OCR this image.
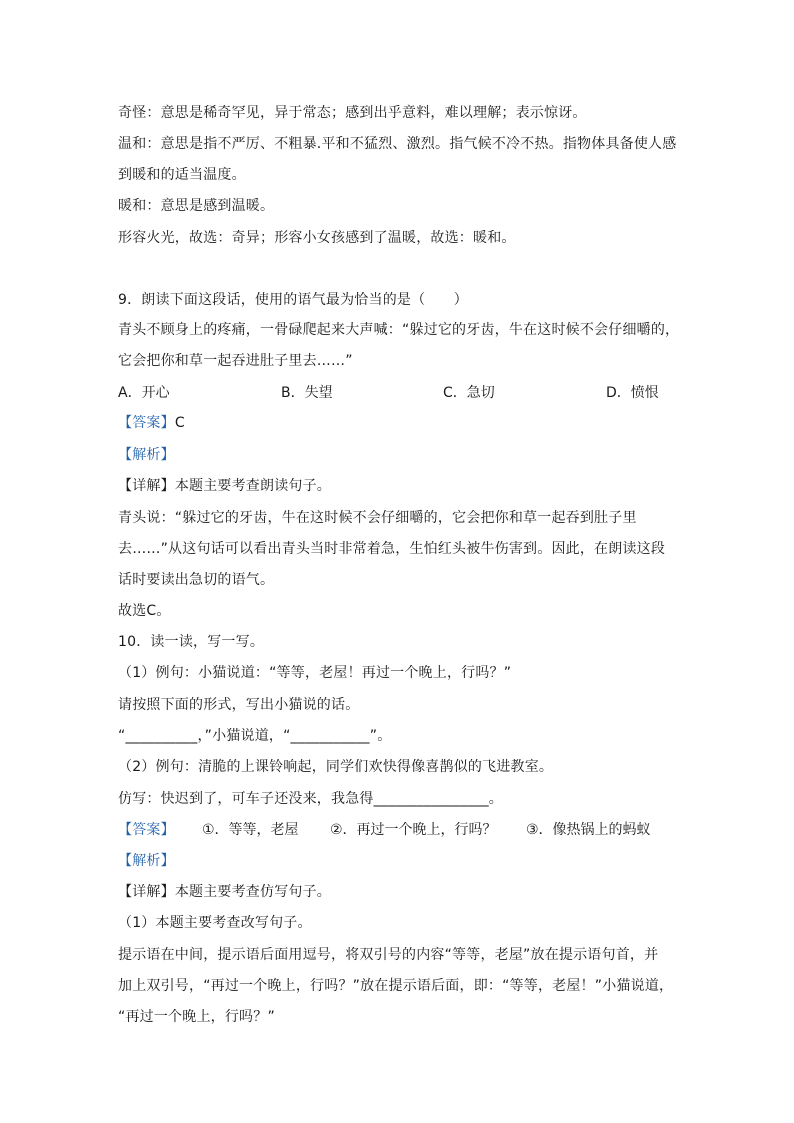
奇怪：意思是稀奇罕见，异于常态；感到出乎意料，难以理解；表示惊讶。
温和：意思是指不严厉、不粗暴.平和不猛烈、激烈。指气候不冷不热。指物体具备使人感
到暖和的适当温度。
暖和：意思是感到温暖。
形容火光，故选：奇异；形容小女孩感到了温暖，故选：暖和。
9．朗读下面这段话，使用的语气最为恰当的是（　　）
青头不顾身上的疼痛，一骨碌爬起来大声喊：“躲过它的牙齿，牛在这时候不会仔细嚼的，
它会把你和草一起吞进肚子里去……”
A．开心	B．失望	C．急切	D．愤恨
【答案】C
【解析】
【详解】本题主要考查朗读句子。
青头说：“躲过它的牙齿，牛在这时候不会仔细嚼的，它会把你和草一起吞到肚子里
去……”从这句话可以看出青头当时非常着急，生怕红头被牛伤害到。因此，在朗读这段
话时要读出急切的语气。
故选C。
10．读一读，写一写。
（1）例句：小猫说道：“等等，老屋！再过一个晚上，行吗？”
请按照下面的形式，写出小猫说的话。
“__________，”小猫说道，“___________”。
（2）例句：清脆的上课铃响起，同学们欢快得像喜鹊似的飞进教室。
仿写：快迟到了，可车子还没来，我急得________________。
【答案】 ①．等等，老屋 ②．再过一个晚上，行吗？ ③．像热锅上的蚂蚁
【解析】
【详解】本题主要考查仿写句子。
（1）本题主要考查改写句子。
提示语在中间，提示语后面用逗号，将双引号的内容“等等，老屋”放在提示语句首，并
加上双引号，“再过一个晚上，行吗？”放在提示语后面，即：“等等，老屋！”小猫说道，
“再过一个晚上，行吗？”
